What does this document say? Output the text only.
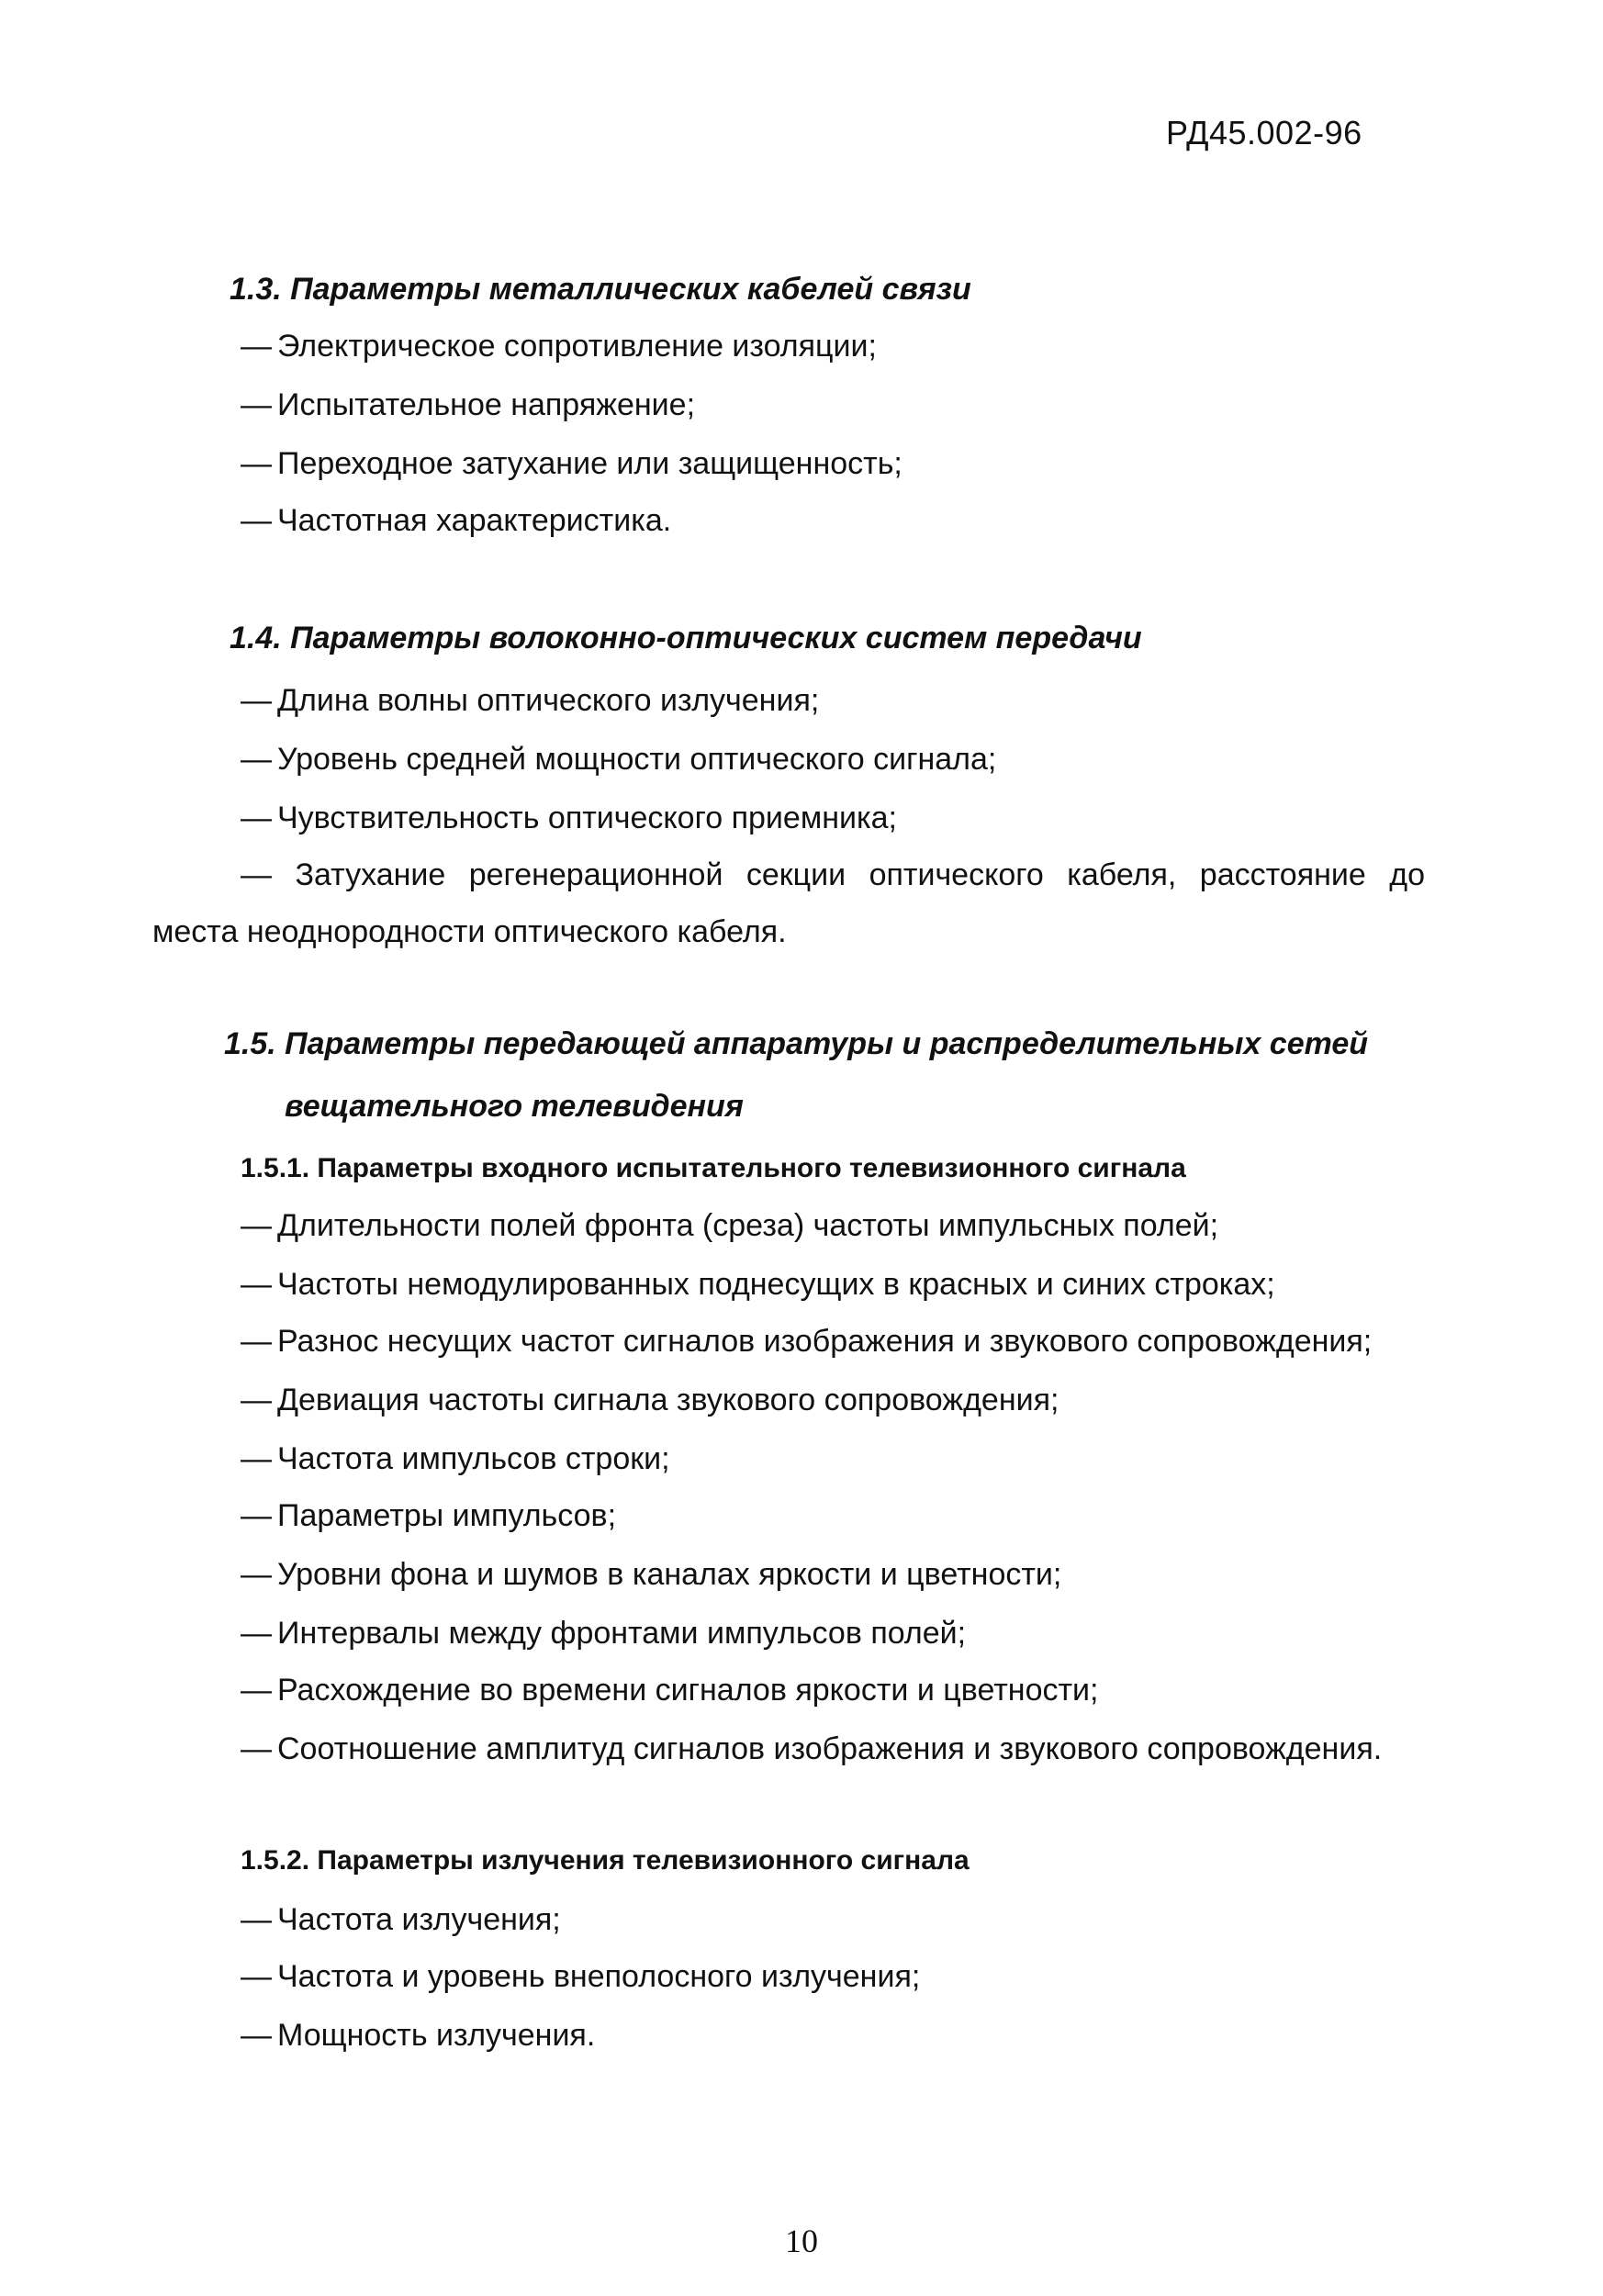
РД45.002-96
1.3. Параметры металлических кабелей связи
— Электрическое сопротивление изоляции;
— Испытательное напряжение;
— Переходное затухание или защищенность;
— Частотная характеристика.
1.4. Параметры волоконно-оптических систем передачи
— Длина волны оптического излучения;
— Уровень средней мощности оптического сигнала;
— Чувствительность оптического приемника;
— Затухание регенерационной секции оптического кабеля, расстояние до
места неоднородности оптического кабеля.
1.5. Параметры передающей аппаратуры и распределительных сетей
вещательного телевидения
1.5.1. Параметры входного испытательного телевизионного сигнала
— Длительности полей фронта (среза) частоты импульсных полей;
— Частоты немодулированных поднесущих в красных и синих строках;
— Разнос несущих частот сигналов изображения и звукового сопровождения;
— Девиация частоты сигнала звукового сопровождения;
— Частота импульсов строки;
— Параметры импульсов;
— Уровни фона и шумов в каналах яркости и цветности;
— Интервалы между фронтами импульсов полей;
— Расхождение во времени сигналов яркости и цветности;
— Соотношение амплитуд сигналов изображения и звукового сопровождения.
1.5.2. Параметры излучения телевизионного сигнала
— Частота излучения;
— Частота и уровень внеполосного излучения;
— Мощность излучения.
10
